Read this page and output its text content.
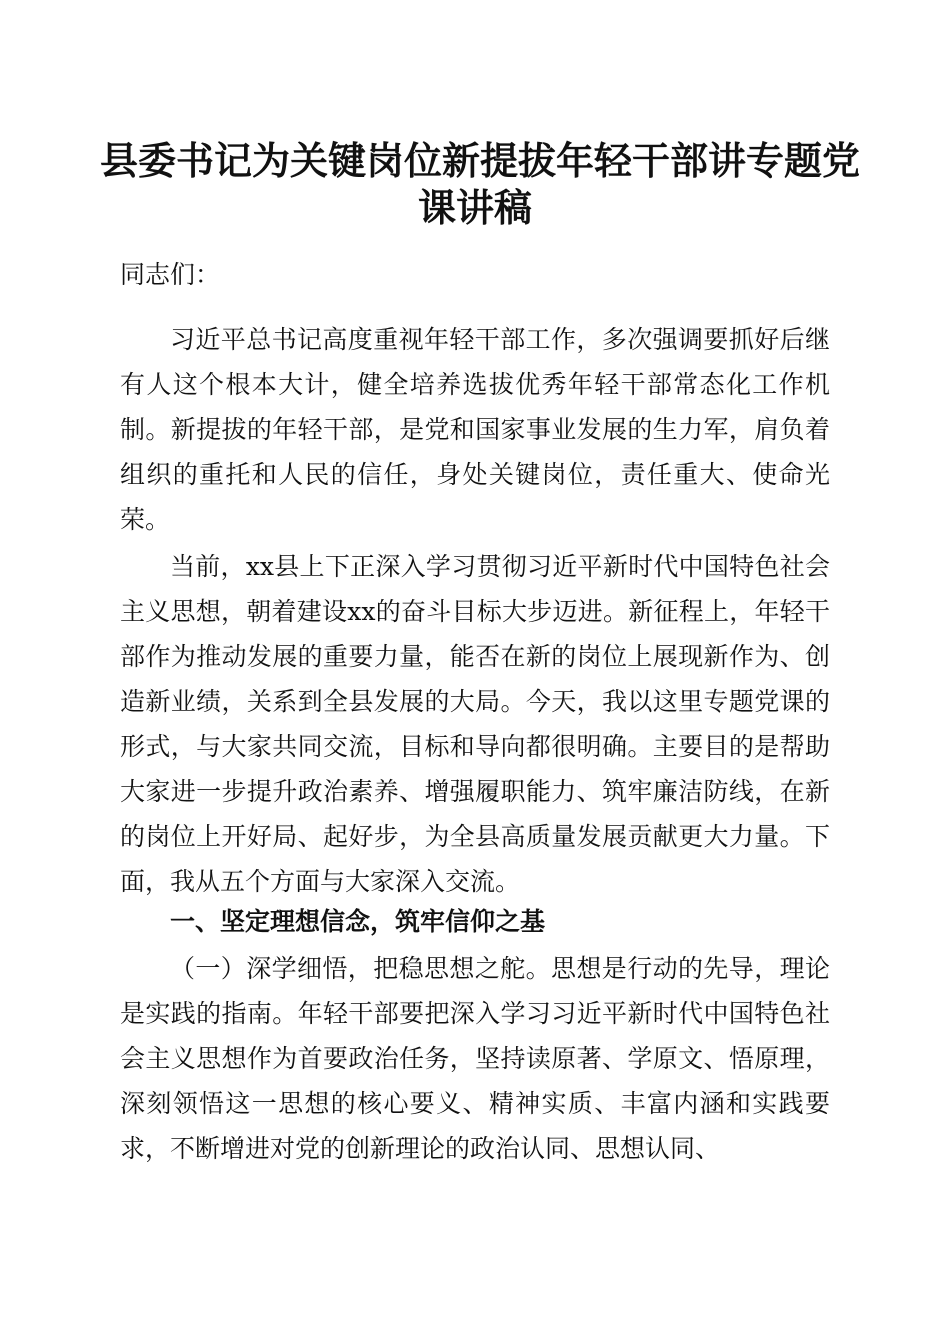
县委书记为关键岗位新提拔年轻干部讲专题党
课讲稿

同志们：

习近平总书记高度重视年轻干部工作，多次强调要抓好后继有人这个根本大计，健全培养选拔优秀年轻干部常态化工作机制。新提拔的年轻干部，是党和国家事业发展的生力军，肩负着组织的重托和人民的信任，身处关键岗位，责任重大、使命光荣。

当前，xx县上下正深入学习贯彻习近平新时代中国特色社会主义思想，朝着建设xx的奋斗目标大步迈进。新征程上，年轻干部作为推动发展的重要力量，能否在新的岗位上展现新作为、创造新业绩，关系到全县发展的大局。今天，我以这里专题党课的形式，与大家共同交流，目标和导向都很明确。主要目的是帮助大家进一步提升政治素养、增强履职能力、筑牢廉洁防线，在新的岗位上开好局、起好步，为全县高质量发展贡献更大力量。下面，我从五个方面与大家深入交流。

一、坚定理想信念，筑牢信仰之基

（一）深学细悟，把稳思想之舵。思想是行动的先导，理论是实践的指南。年轻干部要把深入学习习近平新时代中国特色社会主义思想作为首要政治任务，坚持读原著、学原文、悟原理，深刻领悟这一思想的核心要义、精神实质、丰富内涵和实践要求，不断增进对党的创新理论的政治认同、思想认同、
